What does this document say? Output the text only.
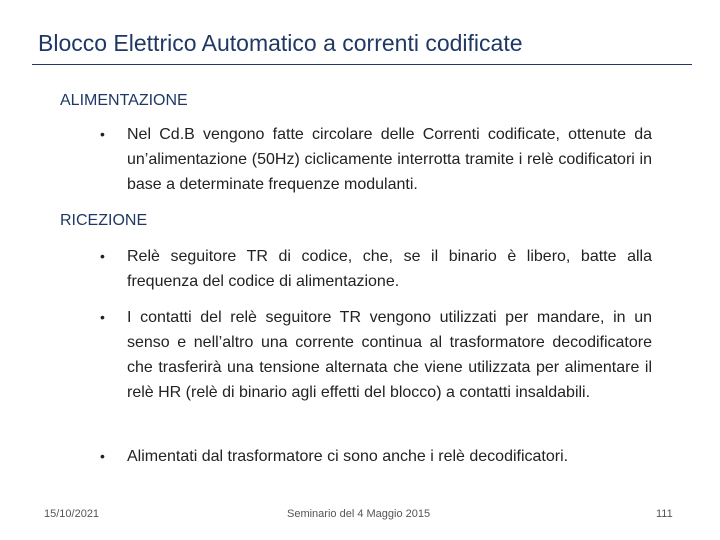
Blocco Elettrico Automatico a correnti codificate
ALIMENTAZIONE
•	Nel Cd.B vengono fatte circolare delle Correnti codificate, ottenute da un’alimentazione (50Hz) ciclicamente interrotta tramite i relè codificatori in base a determinate frequenze modulanti.
RICEZIONE
•	Relè seguitore TR di codice, che, se il binario è libero, batte alla frequenza del codice di alimentazione.
•	I contatti del relè seguitore TR vengono utilizzati per mandare, in un senso e nell’altro una corrente continua al trasformatore decodificatore che trasferirà una tensione alternata che viene utilizzata per alimentare il relè HR (relè di binario agli effetti del blocco) a contatti insaldabili.
•	Alimentati dal trasformatore ci sono anche i relè decodificatori.
15/10/2021	Seminario del 4 Maggio 2015	111
